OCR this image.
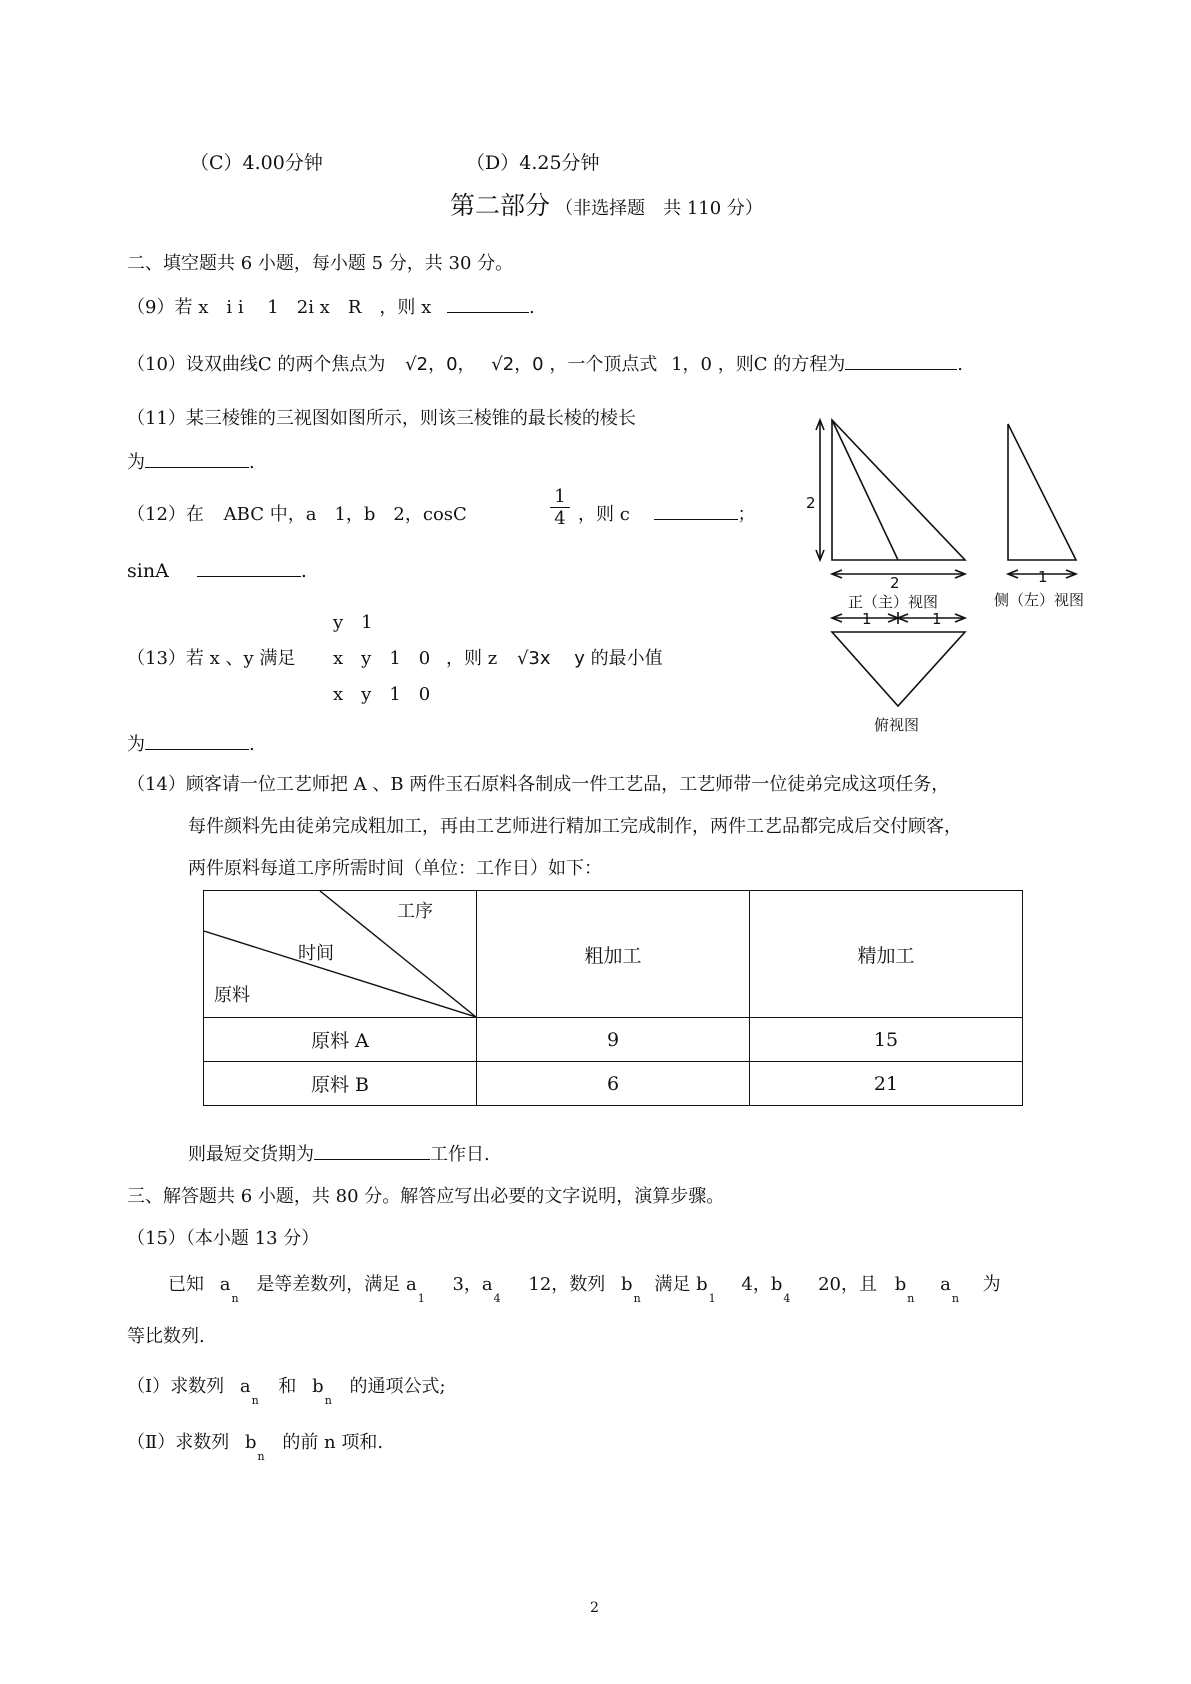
（C）4.00分钟	（D）4.25分钟
第二部分 （非选择题　共 110 分）
二、填空题共 6 小题，每小题 5 分，共 30 分。
（9）若 x　i i　 1　2i x　R　，则 x	.
（10）设双曲线C 的两个焦点为 √2，0， √2，0 ，一个顶点式 1，0 ，则C 的方程为	.
（11）某三棱锥的三视图如图所示，则该三棱锥的最长棱的棱长
为	.
（12）在 ABC 中，a　1，b　2，cosC	$\frac{1}{4}$ ，则 c	；
sinA	.
y　1
（13）若 x 、y 满足 x　y　1　0 ，则 z √3x　 y 的最小值
x　y　1　0
为	.
2
2
正（主）视图
1
侧（左）视图
1	1
俯视图
（14）顾客请一位工艺师把 A 、B 两件玉石原料各制成一件工艺品，工艺师带一位徒弟完成这项任务，
每件颜料先由徒弟完成粗加工，再由工艺师进行精加工完成制作，两件工艺品都完成后交付顾客，
两件原料每道工序所需时间（单位：工作日）如下：
工序
时间
原料	粗加工	精加工
原料 A	9	15
原料 B	6	21
则最短交货期为	工作日.
三、解答题共 6 小题，共 80 分。解答应写出必要的文字说明，演算步骤。
（15）（本小题 13 分）
已知 $a_n$ 是等差数列，满足 $a_1$ 3，$a_4$ 12，数列 $b_n$ 满足 $b_1$ 4，$b_4$ 20，且 $b_n$ $a_n$ 为
等比数列.
（Ⅰ）求数列 $a_n$ 和 $b_n$ 的通项公式;
（Ⅱ）求数列 $b_n$ 的前 n 项和.
2
